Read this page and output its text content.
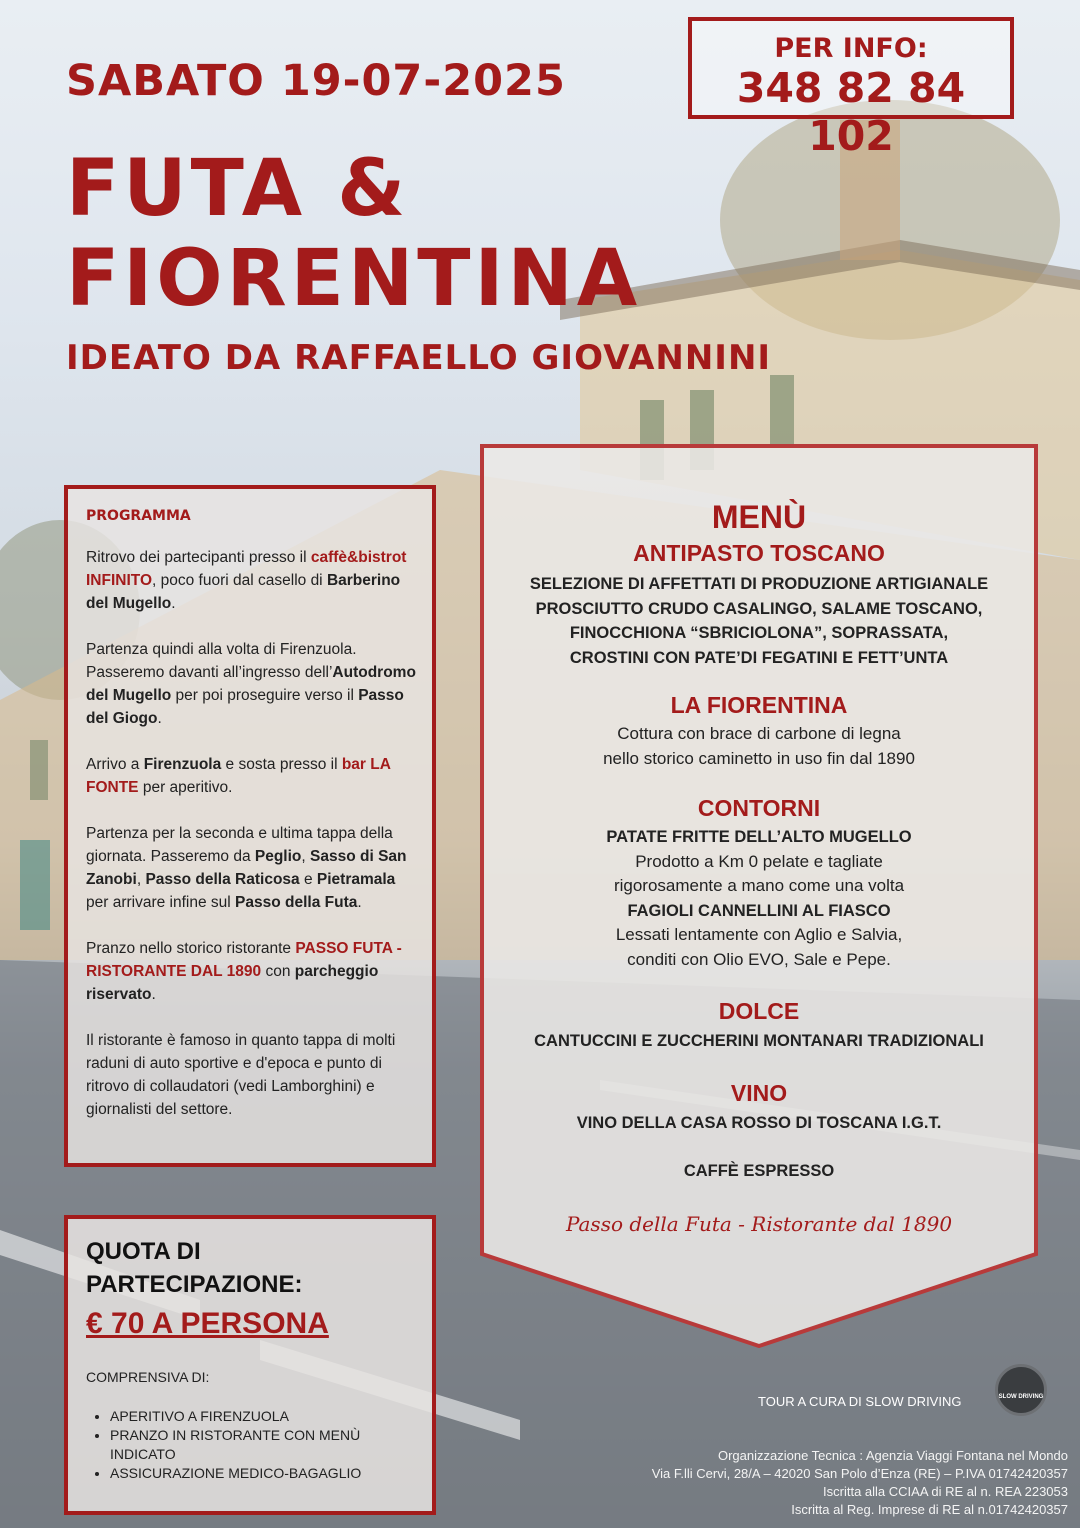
SABATO 19-07-2025
FUTA &
FIORENTINA
IDEATO DA RAFFAELLO GIOVANNINI
PER INFO:
348 82 84 102
PROGRAMMA

Ritrovo dei partecipanti presso il caffè&bistrot INFINITO, poco fuori dal casello di Barberino del Mugello.

Partenza quindi alla volta di Firenzuola. Passeremo davanti all’ingresso dell’Autodromo del Mugello per poi proseguire verso il Passo del Giogo.

Arrivo a Firenzuola e sosta presso il bar LA FONTE per aperitivo.

Partenza per la seconda e ultima tappa della giornata. Passeremo da Peglio, Sasso di San Zanobi, Passo della Raticosa e Pietramala per arrivare infine sul Passo della Futa.

Pranzo nello storico ristorante PASSO FUTA - RISTORANTE DAL 1890 con parcheggio riservato.

Il ristorante è famoso in quanto tappa di molti raduni di auto sportive e d'epoca e punto di ritrovo di collaudatori (vedi Lamborghini) e giornalisti del settore.

QUOTA DI
PARTECIPAZIONE:
€ 70 A PERSONA
COMPRENSIVA DI:
• APERITIVO A FIRENZUOLA
• PRANZO IN RISTORANTE CON MENÙ INDICATO
• ASSICURAZIONE MEDICO-BAGAGLIO
MENÙ
ANTIPASTO TOSCANO
SELEZIONE DI AFFETTATI DI PRODUZIONE ARTIGIANALE
PROSCIUTTO CRUDO CASALINGO, SALAME TOSCANO,
FINOCCHIONA “SBRICIOLONA”, SOPRASSATA,
CROSTINI CON PATE’DI FEGATINI E FETT’UNTA
LA FIORENTINA
Cottura con brace di carbone di legna
nello storico caminetto in uso fin dal 1890
CONTORNI
PATATE FRITTE DELL’ALTO MUGELLO
Prodotto a Km 0 pelate e tagliate
rigorosamente a mano come una volta
FAGIOLI CANNELLINI AL FIASCO
Lessati lentamente con Aglio e Salvia,
conditi con Olio EVO, Sale e Pepe.
DOLCE
CANTUCCINI E ZUCCHERINI MONTANARI TRADIZIONALI
VINO
VINO DELLA CASA ROSSO DI TOSCANA I.G.T.
CAFFÈ ESPRESSO
Passo della Futa - Ristorante dal 1890
TOUR A CURA DI SLOW DRIVING	SLOW DRIVING
Organizzazione Tecnica : Agenzia Viaggi Fontana nel Mondo
Via F.lli Cervi, 28/A – 42020 San Polo d’Enza (RE) – P.IVA 01742420357
Iscritta alla CCIAA di RE al n. REA 223053
Iscritta al Reg. Imprese di RE al n.01742420357
